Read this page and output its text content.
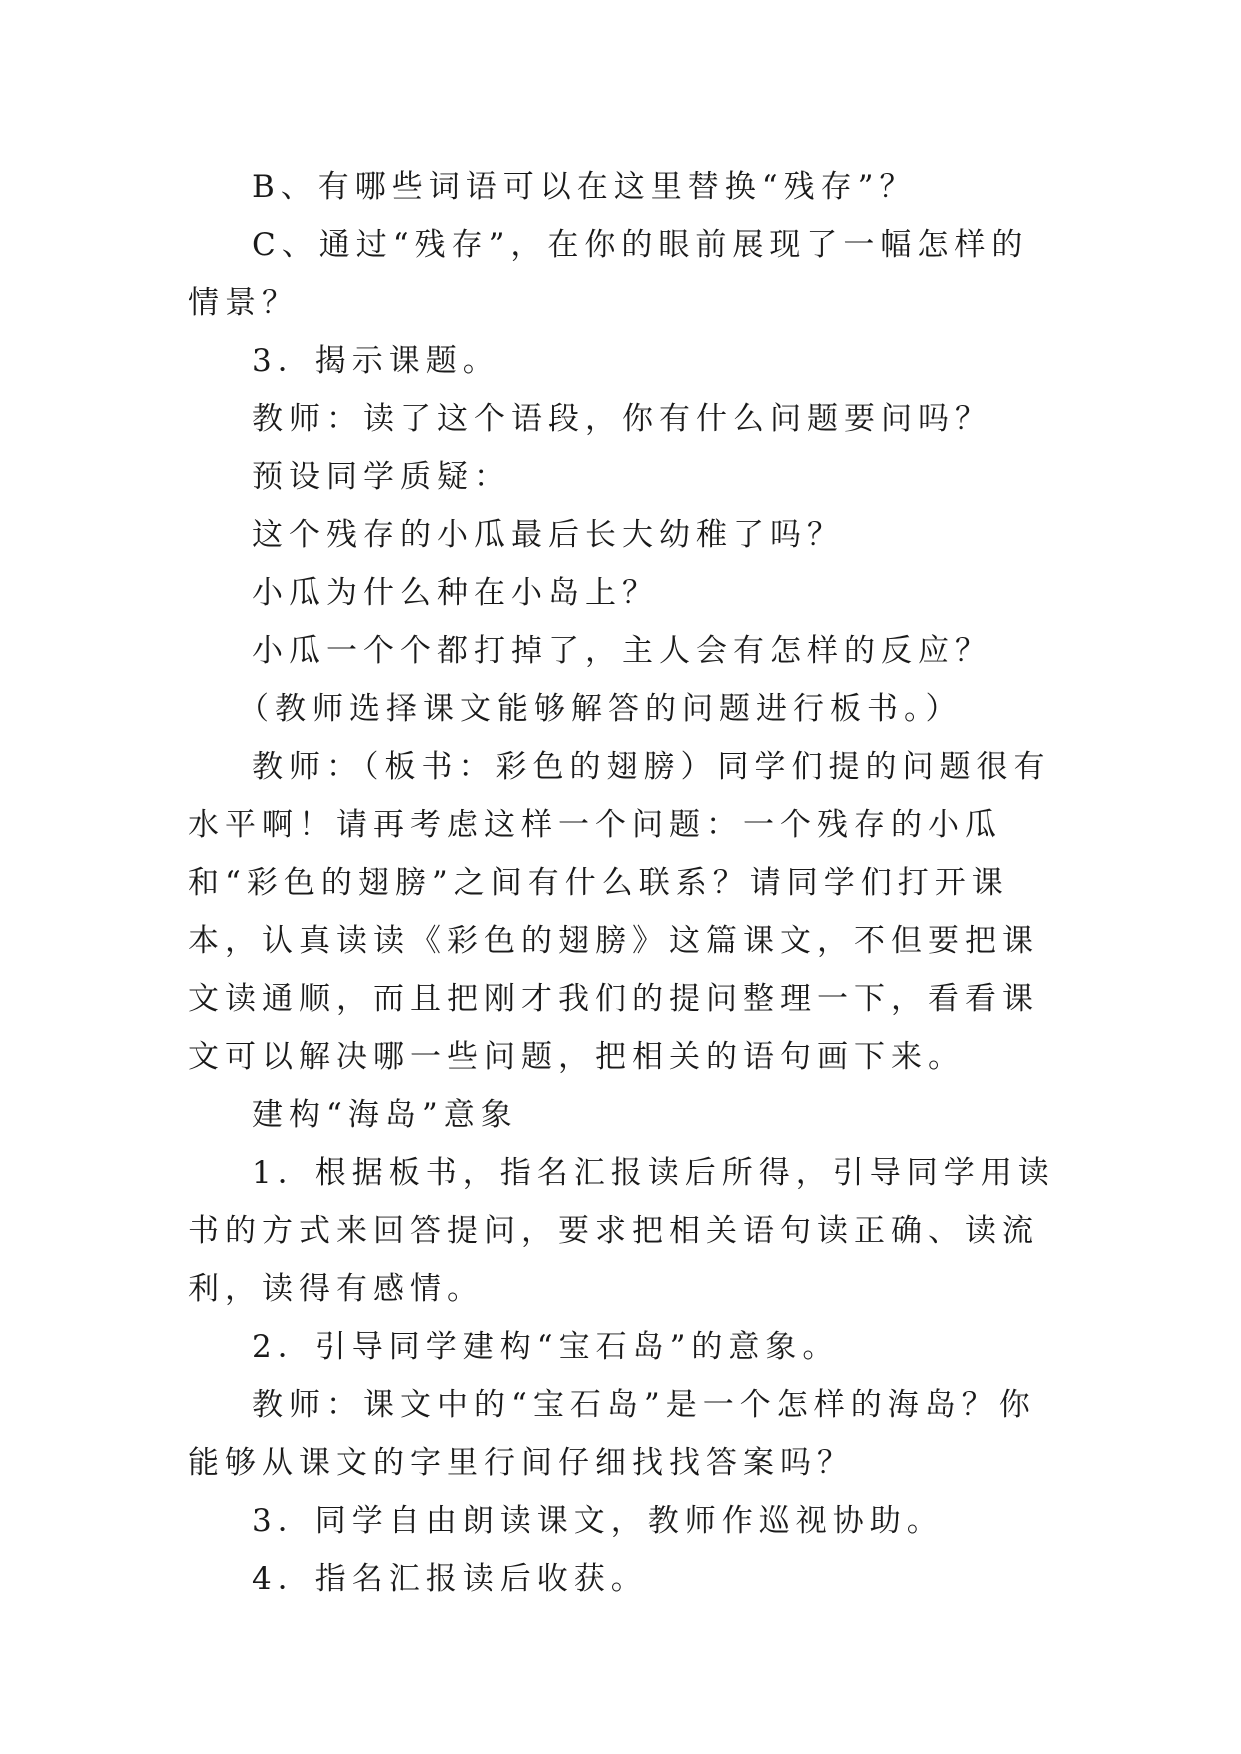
B、有哪些词语可以在这里替换“残存”？

C、通过“残存”，在你的眼前展现了一幅怎样的情景？

3．揭示课题。

教师：读了这个语段，你有什么问题要问吗？

预设同学质疑：

这个残存的小瓜最后长大幼稚了吗？

小瓜为什么种在小岛上？

小瓜一个个都打掉了，主人会有怎样的反应？

（教师选择课文能够解答的问题进行板书。）

教师：（板书：彩色的翅膀）同学们提的问题很有水平啊！请再考虑这样一个问题：一个残存的小瓜和“彩色的翅膀”之间有什么联系？请同学们打开课本，认真读读《彩色的翅膀》这篇课文，不但要把课文读通顺，而且把刚才我们的提问整理一下，看看课文可以解决哪一些问题，把相关的语句画下来。

建构“海岛”意象

1．根据板书，指名汇报读后所得，引导同学用读书的方式来回答提问，要求把相关语句读正确、读流利，读得有感情。

2．引导同学建构“宝石岛”的意象。

教师：课文中的“宝石岛”是一个怎样的海岛？你能够从课文的字里行间仔细找找答案吗？

3．同学自由朗读课文，教师作巡视协助。

4．指名汇报读后收获。
